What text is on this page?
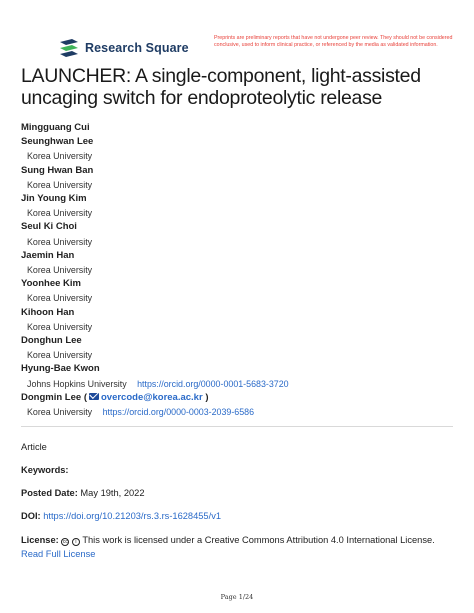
Research Square
Preprints are preliminary reports that have not undergone peer review. They should not be considered conclusive, used to inform clinical practice, or referenced by the media as validated information.
LAUNCHER: A single-component, light-assisted uncaging switch for endoproteolytic release
Mingguang Cui
Seunghwan Lee
Korea University
Sung Hwan Ban
Korea University
Jin Young Kim
Korea University
Seul Ki Choi
Korea University
Jaemin Han
Korea University
Yoonhee Kim
Korea University
Kihoon Han
Korea University
Donghun Lee
Korea University
Hyung-Bae Kwon
Johns Hopkins University https://orcid.org/0000-0001-5683-3720
Dongmin Lee ( overcode@korea.ac.kr )
Korea University https://orcid.org/0000-0003-2039-6586
Article
Keywords:
Posted Date: May 19th, 2022
DOI: https://doi.org/10.21203/rs.3.rs-1628455/v1
License: cc i This work is licensed under a Creative Commons Attribution 4.0 International License.
Read Full License
Page 1/24
